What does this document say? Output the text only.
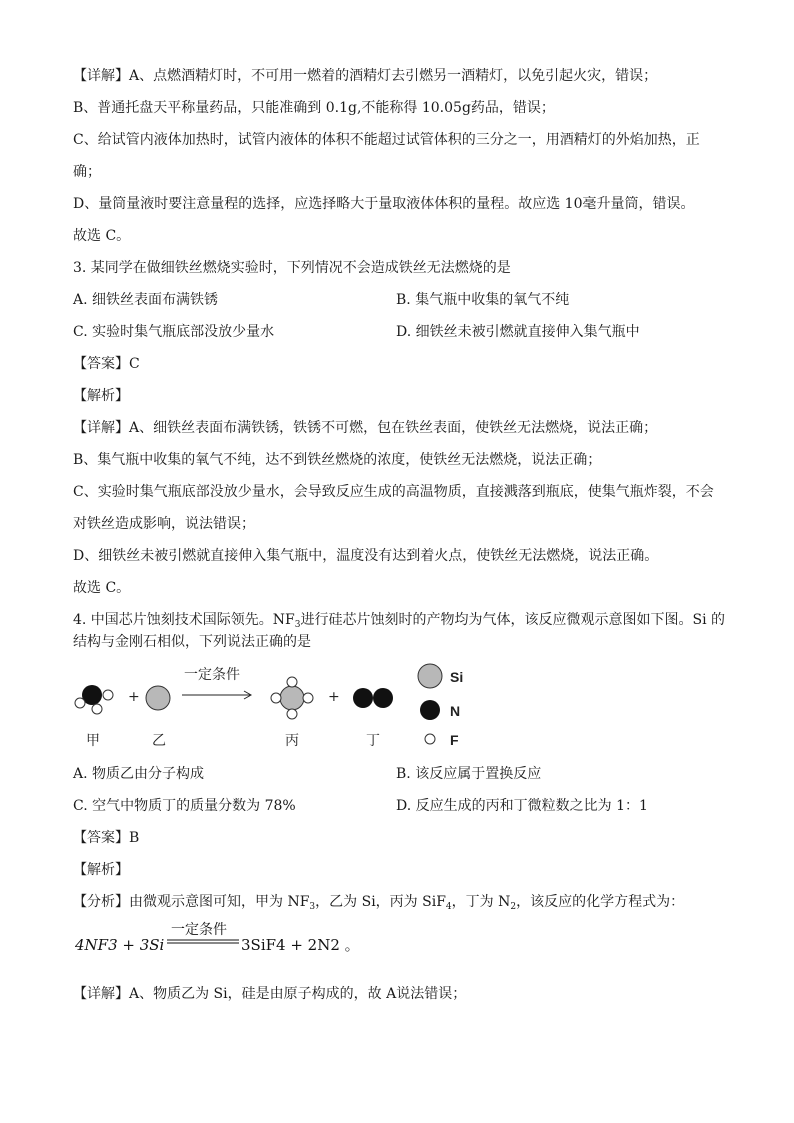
【详解】A、点燃酒精灯时，不可用一燃着的酒精灯去引燃另一酒精灯，以免引起火灾，错误；
B、普通托盘天平称量药品，只能准确到 0.1g,不能称得 10.05g药品，错误；
C、给试管内液体加热时，试管内液体的体积不能超过试管体积的三分之一，用酒精灯的外焰加热，正
确；
D、量筒量液时要注意量程的选择，应选择略大于量取液体体积的量程。故应选 10毫升量筒，错误。
故选 C。
3. 某同学在做细铁丝燃烧实验时，下列情况不会造成铁丝无法燃烧的是
A. 细铁丝表面布满铁锈	B. 集气瓶中收集的氧气不纯
C. 实验时集气瓶底部没放少量水	D. 细铁丝未被引燃就直接伸入集气瓶中
【答案】C
【解析】
【详解】A、细铁丝表面布满铁锈，铁锈不可燃，包在铁丝表面，使铁丝无法燃烧，说法正确；
B、集气瓶中收集的氧气不纯，达不到铁丝燃烧的浓度，使铁丝无法燃烧，说法正确；
C、实验时集气瓶底部没放少量水，会导致反应生成的高温物质，直接溅落到瓶底，使集气瓶炸裂，不会
对铁丝造成影响，说法错误；
D、细铁丝未被引燃就直接伸入集气瓶中，温度没有达到着火点，使铁丝无法燃烧，说法正确。
故选 C。
4. 中国芯片蚀刻技术国际领先。$NF_3$进行硅芯片蚀刻时的产物均为气体，该反应微观示意图如下图。Si 的
结构与金刚石相似，下列说法正确的是
+
一定条件
+
Si
N
F
甲	乙	丙	丁
A. 物质乙由分子构成	B. 该反应属于置换反应
C. 空气中物质丁的质量分数为 78%	D. 反应生成的丙和丁微粒数之比为 1：1
【答案】B
【解析】
【分析】由微观示意图可知，甲为 $NF_3$，乙为 Si，丙为 SiF$_4$，丁为 $N_2$，该反应的化学方程式为：
4NF3 + 3Si
一定条件
3SiF4 + 2N2 。
【详解】A、物质乙为 Si，硅是由原子构成的，故 A说法错误；
